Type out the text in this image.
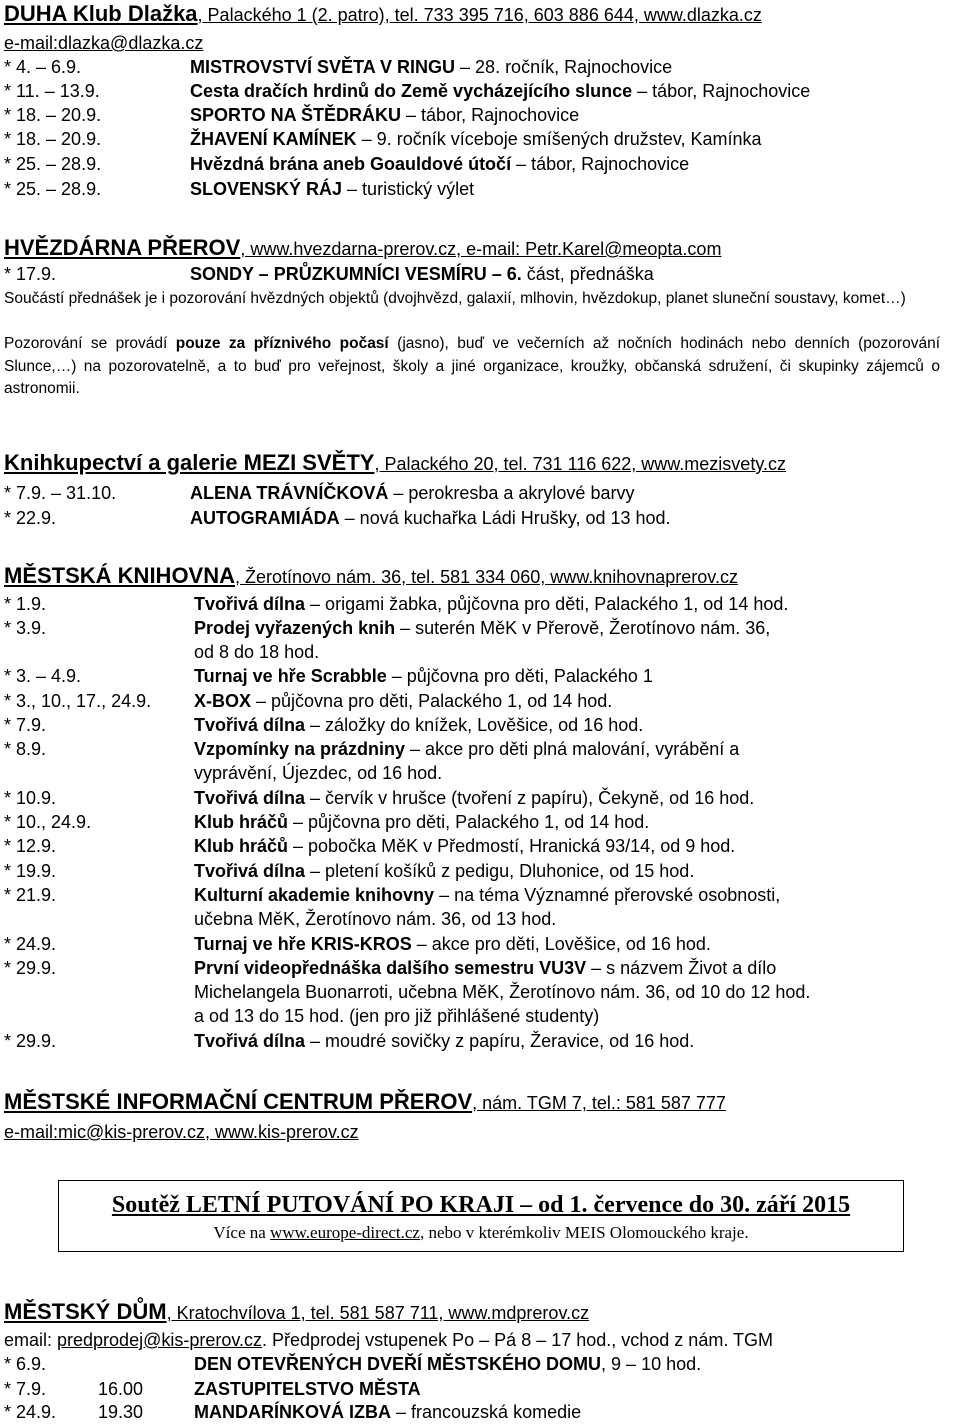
DUHA Klub Dlažka, Palackého 1 (2. patro), tel. 733 395 716, 603 886 644, www.dlazka.cz
e-mail:dlazka@dlazka.cz
* 4. – 6.9.	MISTROVSTVÍ SVĚTA V RINGU – 28. ročník, Rajnochovice
* 11. – 13.9.	Cesta dračích hrdinů do Země vycházejícího slunce – tábor, Rajnochovice
* 18. – 20.9.	SPORTO NA ŠTĚDRÁKU – tábor, Rajnochovice
* 18. – 20.9.	ŽHAVENÍ KAMÍNEK – 9. ročník víceboje smíšených družstev, Kamínka
* 25. – 28.9.	Hvězdná brána aneb Goauldové útočí – tábor, Rajnochovice
* 25. – 28.9.	SLOVENSKÝ RÁJ – turistický výlet
HVĚZDÁRNA PŘEROV, www.hvezdarna-prerov.cz, e-mail: Petr.Karel@meopta.com
* 17.9.	SONDY – PRŮZKUMNÍCI VESMÍRU – 6. část, přednáška
Součástí přednášek je i pozorování hvězdných objektů (dvojhvězd, galaxií, mlhovin, hvězdokup, planet sluneční soustavy, komet…)
Pozorování se provádí pouze za příznivého počasí (jasno), buď ve večerních až nočních hodinách nebo denních (pozorování Slunce,…) na pozorovatelně, a to buď pro veřejnost, školy a jiné organizace, kroužky, občanská sdružení, či skupinky zájemců o astronomii.
Knihkupectví a galerie MEZI SVĚTY, Palackého 20, tel. 731 116 622, www.mezisvety.cz
* 7.9. – 31.10.	ALENA TRÁVNÍČKOVÁ – perokresba a akrylové barvy
* 22.9.	AUTOGRAMIÁDA – nová kuchařka Ládi Hrušky, od 13 hod.
MĚSTSKÁ KNIHOVNA, Žerotínovo nám. 36, tel. 581 334 060, www.knihovnaprerov.cz
* 1.9.	Tvořivá dílna – origami žabka, půjčovna pro děti, Palackého 1, od 14 hod.
* 3.9.	Prodej vyřazených knih – suterén MěK v Přerově, Žerotínovo nám. 36,
od 8 do 18 hod.
* 3. – 4.9.	Turnaj ve hře Scrabble – půjčovna pro děti, Palackého 1
* 3., 10., 17., 24.9. X-BOX – půjčovna pro děti, Palackého 1, od 14 hod.
* 7.9.	Tvořivá dílna – záložky do knížek, Lověšice, od 16 hod.
* 8.9.	Vzpomínky na prázdniny – akce pro děti plná malování, vyrábění a
vyprávění, Újezdec, od 16 hod.
* 10.9.	Tvořivá dílna – červík v hrušce (tvoření z papíru), Čekyně, od 16 hod.
* 10., 24.9.	Klub hráčů – půjčovna pro děti, Palackého 1, od 14 hod.
* 12.9.	Klub hráčů – pobočka MěK v Předmostí, Hranická 93/14, od 9 hod.
* 19.9.	Tvořivá dílna – pletení košíků z pedigu, Dluhonice, od 15 hod.
* 21.9.	Kulturní akademie knihovny – na téma Významné přerovské osobnosti,
učebna MěK, Žerotínovo nám. 36, od 13 hod.
* 24.9.	Turnaj ve hře KRIS-KROS – akce pro děti, Lověšice, od 16 hod.
* 29.9.	První videopřednáška dalšího semestru VU3V – s názvem Život a dílo
Michelangela Buonarroti, učebna MěK, Žerotínovo nám. 36, od 10 do 12 hod.
a od 13 do 15 hod. (jen pro již přihlášené studenty)
* 29.9.	Tvořivá dílna – moudré sovičky z papíru, Žeravice, od 16 hod.
MĚSTSKÉ INFORMAČNÍ CENTRUM PŘEROV, nám. TGM 7, tel.: 581 587 777
e-mail:mic@kis-prerov.cz, www.kis-prerov.cz
Soutěž LETNÍ PUTOVÁNÍ PO KRAJI – od 1. července do 30. září 2015
Více na www.europe-direct.cz, nebo v kterémkoliv MEIS Olomouckého kraje.
MĚSTSKÝ DŮM, Kratochvílova 1, tel. 581 587 711, www.mdprerov.cz
email: predprodej@kis-prerov.cz. Předprodej vstupenek Po – Pá 8 – 17 hod., vchod z nám. TGM
* 6.9.	DEN OTEVŘENÝCH DVEŘÍ MĚSTSKÉHO DOMU, 9 – 10 hod.
* 7.9.	16.00	ZASTUPITELSTVO MĚSTA
* 24.9. 19.30	MANDARÍNKOVÁ IZBA – francouzská komedie
